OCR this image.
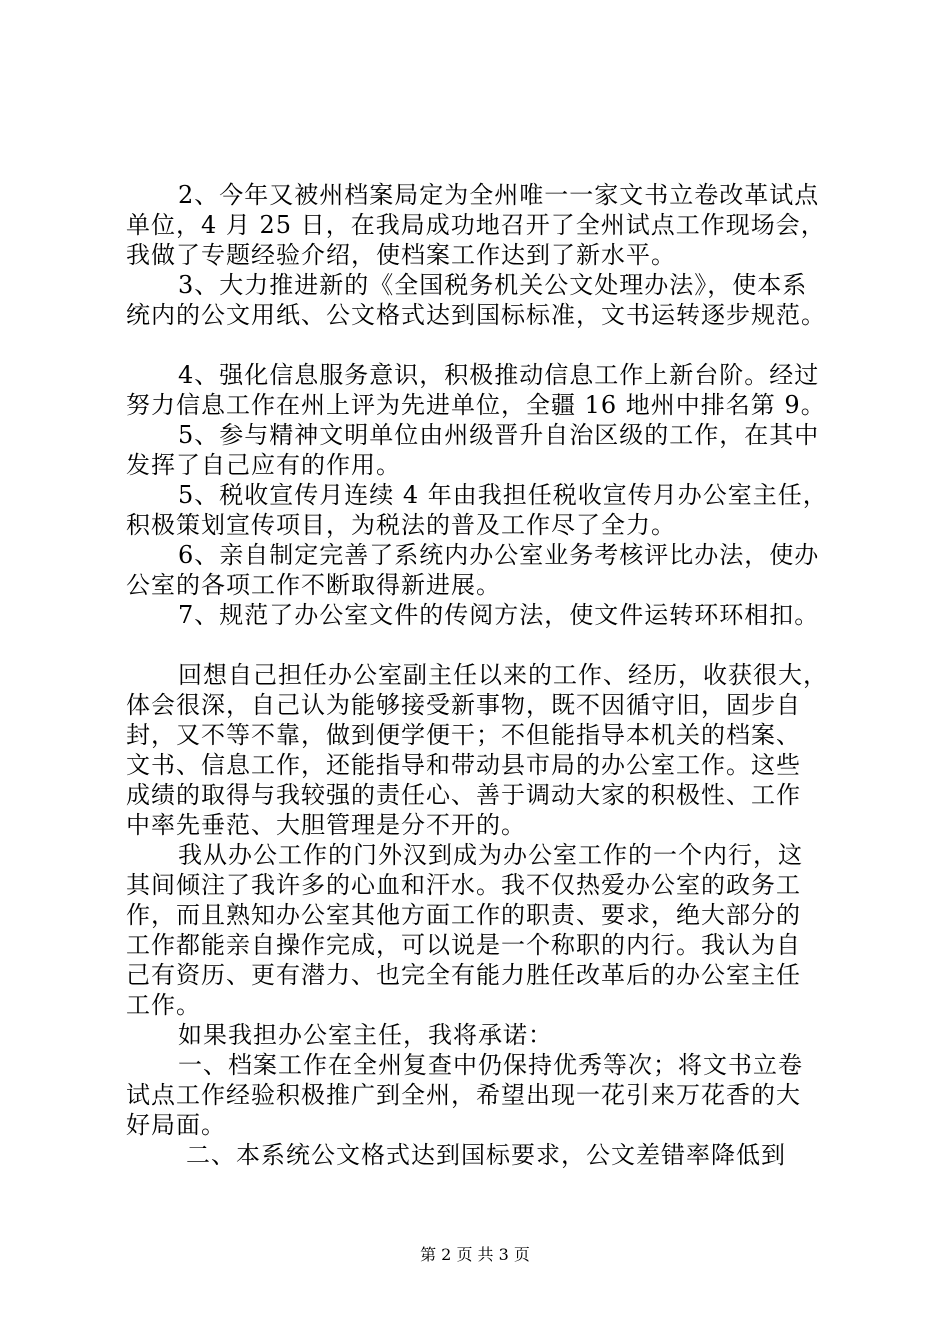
2、今年又被州档案局定为全州唯一一家文书立卷改革试点
单位，4 月 25 日，在我局成功地召开了全州试点工作现场会，
我做了专题经验介绍，使档案工作达到了新水平。
3、大力推进新的《全国税务机关公文处理办法》，使本系
统内的公文用纸、公文格式达到国标标准，文书运转逐步规范。
4、强化信息服务意识，积极推动信息工作上新台阶。经过
努力信息工作在州上评为先进单位，全疆 16 地州中排名第 9。
5、参与精神文明单位由州级晋升自治区级的工作，在其中
发挥了自己应有的作用。
5、税收宣传月连续 4 年由我担任税收宣传月办公室主任，
积极策划宣传项目，为税法的普及工作尽了全力。
6、亲自制定完善了系统内办公室业务考核评比办法，使办
公室的各项工作不断取得新进展。
7、规范了办公室文件的传阅方法，使文件运转环环相扣。
回想自己担任办公室副主任以来的工作、经历，收获很大，
体会很深，自己认为能够接受新事物，既不因循守旧，固步自
封，又不等不靠，做到便学便干；不但能指导本机关的档案、
文书、信息工作，还能指导和带动县市局的办公室工作。这些
成绩的取得与我较强的责任心、善于调动大家的积极性、工作
中率先垂范、大胆管理是分不开的。
我从办公工作的门外汉到成为办公室工作的一个内行，这
其间倾注了我许多的心血和汗水。我不仅热爱办公室的政务工
作，而且熟知办公室其他方面工作的职责、要求，绝大部分的
工作都能亲自操作完成，可以说是一个称职的内行。我认为自
己有资历、更有潜力、也完全有能力胜任改革后的办公室主任
工作。
如果我担办公室主任，我将承诺：
一、档案工作在全州复查中仍保持优秀等次；将文书立卷
试点工作经验积极推广到全州，希望出现一花引来万花香的大
好局面。
二、本系统公文格式达到国标要求，公文差错率降低到
第 2 页 共 3 页
